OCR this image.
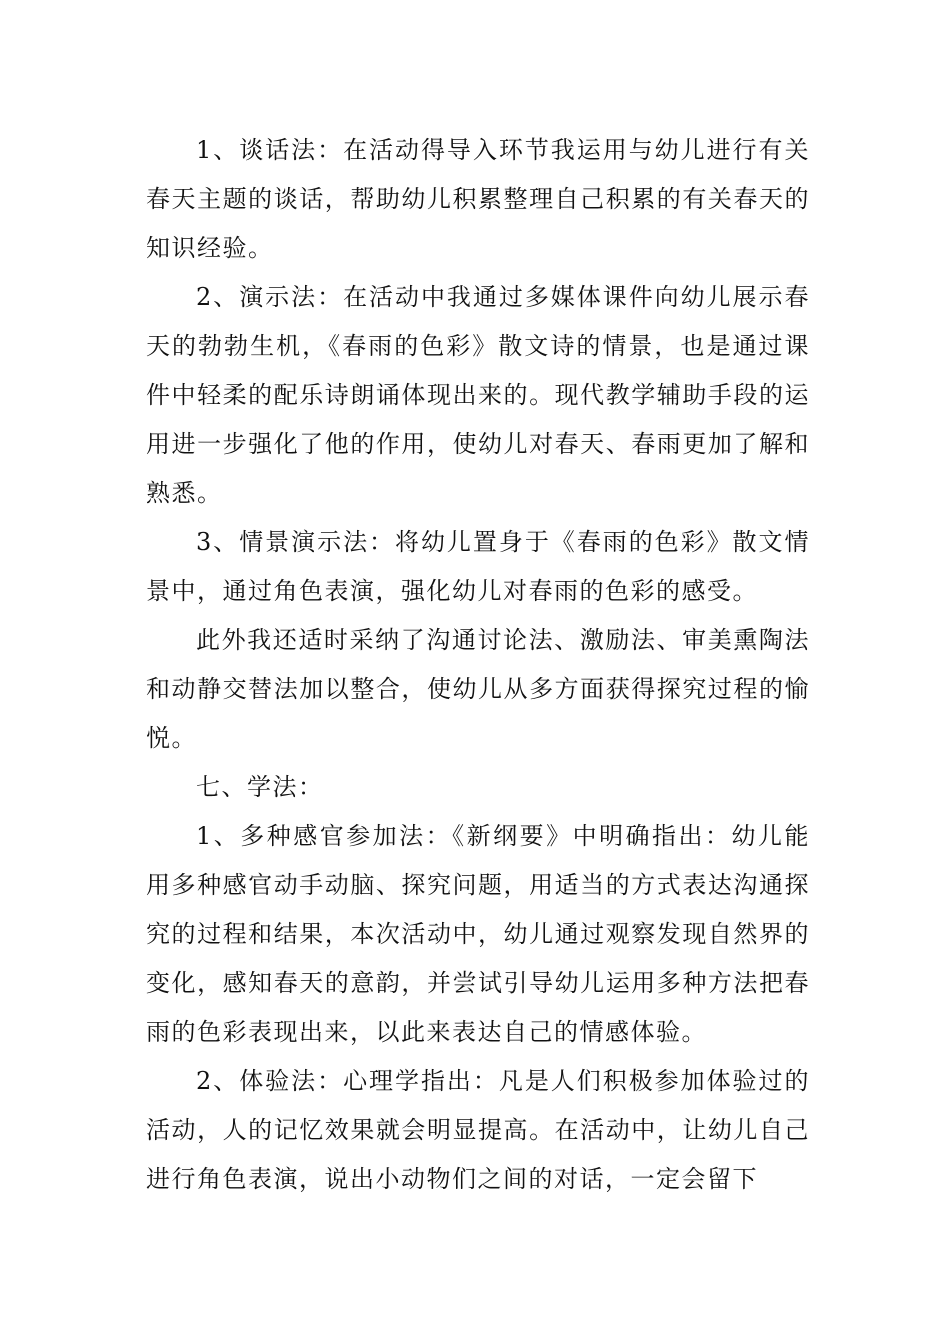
1、谈话法：在活动得导入环节我运用与幼儿进行有关春天主题的谈话，帮助幼儿积累整理自己积累的有关春天的知识经验。

2、演示法：在活动中我通过多媒体课件向幼儿展示春天的勃勃生机，《春雨的色彩》散文诗的情景，也是通过课件中轻柔的配乐诗朗诵体现出来的。现代教学辅助手段的运用进一步强化了他的作用，使幼儿对春天、春雨更加了解和熟悉。

3、情景演示法：将幼儿置身于《春雨的色彩》散文情景中，通过角色表演，强化幼儿对春雨的色彩的感受。

此外我还适时采纳了沟通讨论法、激励法、审美熏陶法和动静交替法加以整合，使幼儿从多方面获得探究过程的愉悦。

七、学法：

1、多种感官参加法：《新纲要》中明确指出：幼儿能用多种感官动手动脑、探究问题，用适当的方式表达沟通探究的过程和结果，本次活动中，幼儿通过观察发现自然界的变化，感知春天的意韵，并尝试引导幼儿运用多种方法把春雨的色彩表现出来，以此来表达自己的情感体验。

2、体验法：心理学指出：凡是人们积极参加体验过的活动，人的记忆效果就会明显提高。在活动中，让幼儿自己进行角色表演，说出小动物们之间的对话，一定会留下
